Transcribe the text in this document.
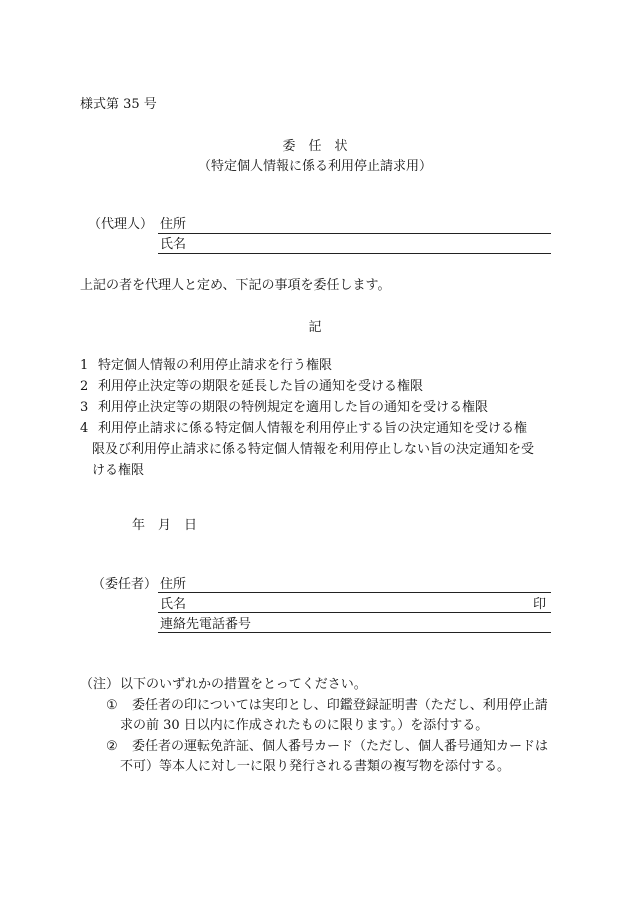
様式第 35 号
委　任　状
（特定個人情報に係る利用停止請求用）
（代理人） 住所
氏名
上記の者を代理人と定め、下記の事項を委任します。
記
1 特定個人情報の利用停止請求を行う権限
2 利用停止決定等の期限を延長した旨の通知を受ける権限
3 利用停止決定等の期限の特例規定を適用した旨の通知を受ける権限
4 利用停止請求に係る特定個人情報を利用停止する旨の決定通知を受ける権
限及び利用停止請求に係る特定個人情報を利用停止しない旨の決定通知を受
ける権限
年 月 日
（委任者） 住所
氏名	印
連絡先電話番号
（注） 以下のいずれかの措置をとってください。
① 委任者の印については実印とし、印鑑登録証明書（ただし、利用停止請
求の前 30 日以内に作成されたものに限ります。）を添付する。
② 委任者の運転免許証、個人番号カード（ただし、個人番号通知カードは
不可）等本人に対し一に限り発行される書類の複写物を添付する。
